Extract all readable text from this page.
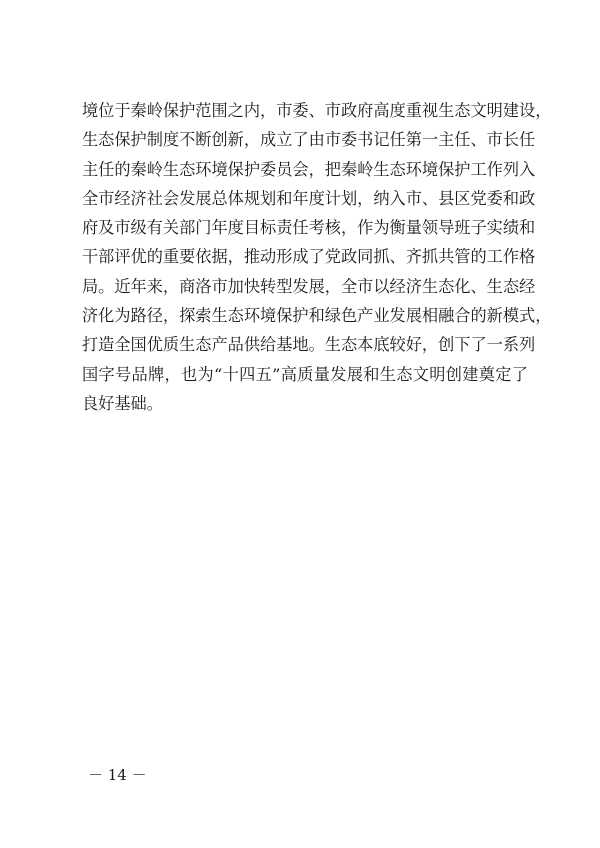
境位于秦岭保护范围之内，市委、市政府高度重视生态文明建设，
生态保护制度不断创新，成立了由市委书记任第一主任、市长任
主任的秦岭生态环境保护委员会，把秦岭生态环境保护工作列入
全市经济社会发展总体规划和年度计划，纳入市、县区党委和政
府及市级有关部门年度目标责任考核，作为衡量领导班子实绩和
干部评优的重要依据，推动形成了党政同抓、齐抓共管的工作格
局。近年来，商洛市加快转型发展，全市以经济生态化、生态经
济化为路径，探索生态环境保护和绿色产业发展相融合的新模式，
打造全国优质生态产品供给基地。生态本底较好，创下了一系列
国字号品牌，也为“十四五”高质量发展和生态文明创建奠定了
良好基础。
－ 14 －
